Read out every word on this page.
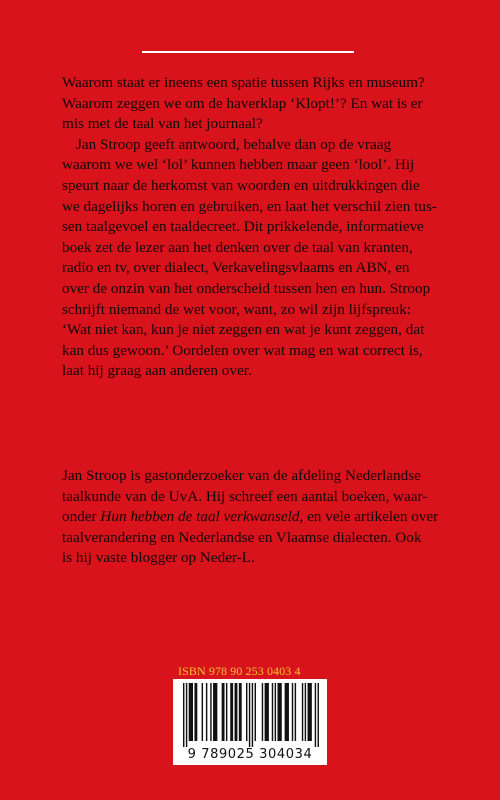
Waarom staat er ineens een spatie tussen Rijks en museum?
Waarom zeggen we om de haverklap ‘Klopt!’? En wat is er
mis met de taal van het journaal?

Jan Stroop geeft antwoord, behalve dan op de vraag
waarom we wel ‘lol’ kunnen hebben maar geen ‘lool’. Hij
speurt naar de herkomst van woorden en uitdrukkingen die
we dagelijks horen en gebruiken, en laat het verschil zien tus-
sen taalgevoel en taaldecreet. Dit prikkelende, informatieve
boek zet de lezer aan het denken over de taal van kranten,
radio en tv, over dialect, Verkavelingsvlaams en ABN, en
over de onzin van het onderscheid tussen hen en hun. Stroop
schrijft niemand de wet voor, want, zo wil zijn lijfspreuk:
‘Wat niet kan, kun je niet zeggen en wat je kunt zeggen, dat
kan dus gewoon.’ Oordelen over wat mag en wat correct is,
laat hij graag aan anderen over.

Jan Stroop is gastonderzoeker van de afdeling Nederlandse
taalkunde van de UvA. Hij schreef een aantal boeken, waar-
onder Hun hebben de taal verkwanseld, en vele artikelen over
taalverandering en Nederlandse en Vlaamse dialecten. Ook
is hij vaste blogger op Neder-L.
ISBN 978 90 253 0403 4
9 789025 304034
